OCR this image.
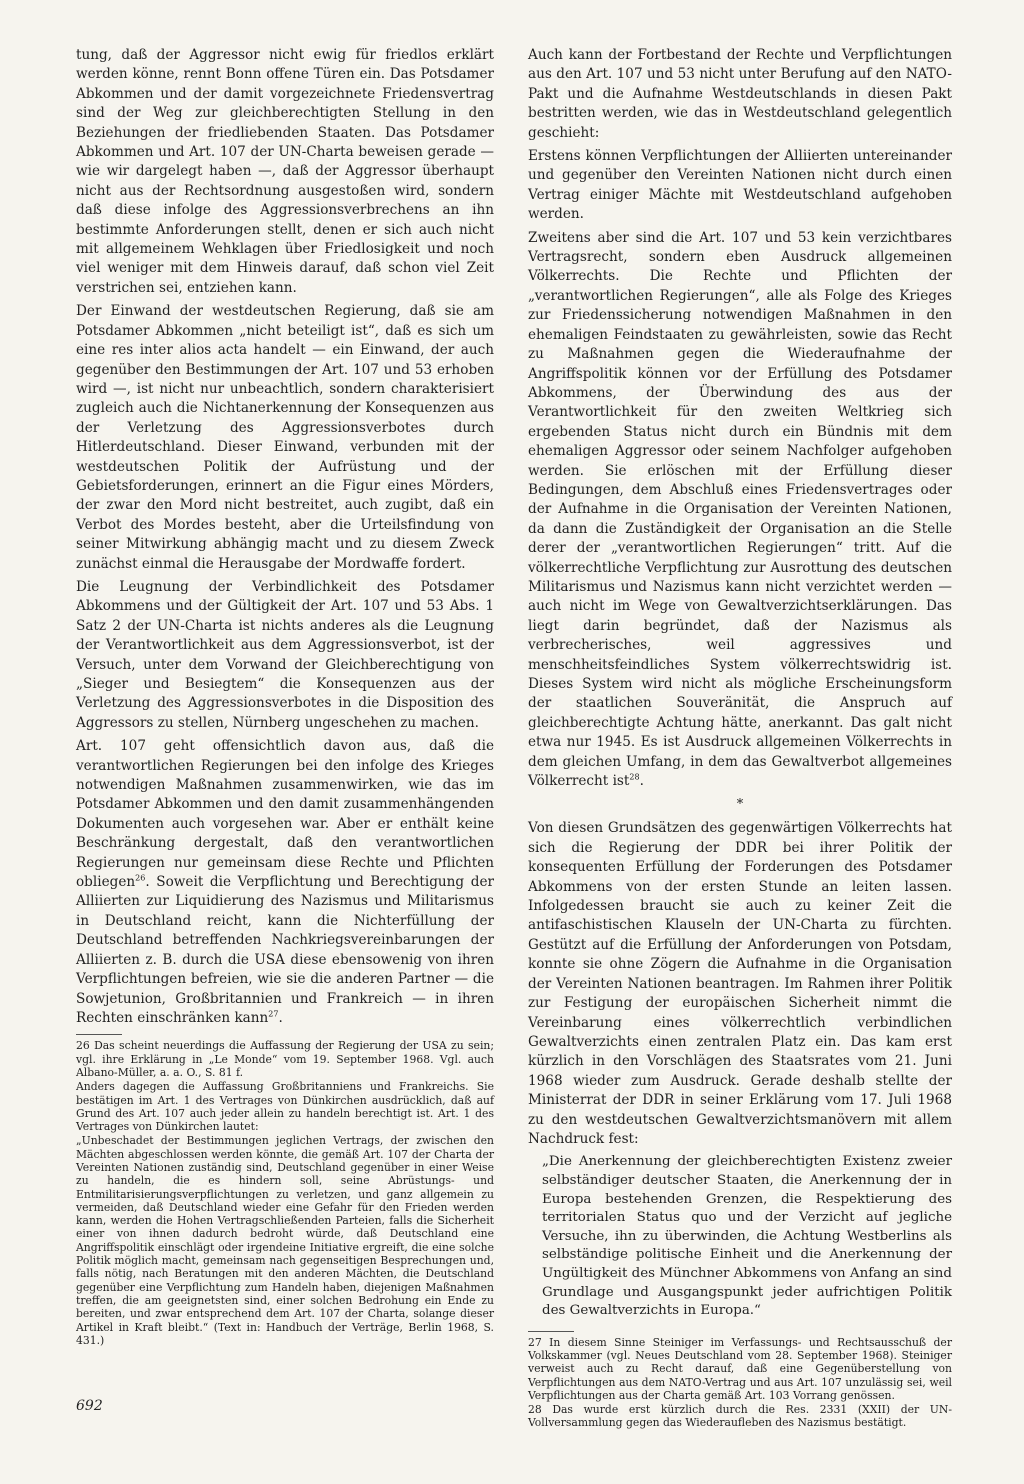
tung, daß der Aggressor nicht ewig für friedlos erklärt werden könne, rennt Bonn offene Türen ein. Das Potsdamer Abkommen und der damit vorgezeichnete Friedensvertrag sind der Weg zur gleichberechtigten Stellung in den Beziehungen der friedliebenden Staaten. Das Potsdamer Abkommen und Art. 107 der UN-Charta beweisen gerade — wie wir dargelegt haben —, daß der Aggressor überhaupt nicht aus der Rechtsordnung ausgestoßen wird, sondern daß diese infolge des Aggressionsverbrechens an ihn bestimmte Anforderungen stellt, denen er sich auch nicht mit allgemeinem Wehklagen über Friedlosigkeit und noch viel weniger mit dem Hinweis darauf, daß schon viel Zeit verstrichen sei, entziehen kann.

Der Einwand der westdeutschen Regierung, daß sie am Potsdamer Abkommen „nicht beteiligt ist“, daß es sich um eine res inter alios acta handelt — ein Einwand, der auch gegenüber den Bestimmungen der Art. 107 und 53 erhoben wird —, ist nicht nur unbeachtlich, sondern charakterisiert zugleich auch die Nichtanerkennung der Konsequenzen aus der Verletzung des Aggressionsverbotes durch Hitlerdeutschland. Dieser Einwand, verbunden mit der westdeutschen Politik der Aufrüstung und der Gebietsforderungen, erinnert an die Figur eines Mörders, der zwar den Mord nicht bestreitet, auch zugibt, daß ein Verbot des Mordes besteht, aber die Urteilsfindung von seiner Mitwirkung abhängig macht und zu diesem Zweck zunächst einmal die Herausgabe der Mordwaffe fordert.

Die Leugnung der Verbindlichkeit des Potsdamer Abkommens und der Gültigkeit der Art. 107 und 53 Abs. 1 Satz 2 der UN-Charta ist nichts anderes als die Leugnung der Verantwortlichkeit aus dem Aggressionsverbot, ist der Versuch, unter dem Vorwand der Gleichberechtigung von „Sieger und Besiegtem“ die Konsequenzen aus der Verletzung des Aggressionsverbotes in die Disposition des Aggressors zu stellen, Nürnberg ungeschehen zu machen.

Art. 107 geht offensichtlich davon aus, daß die verantwortlichen Regierungen bei den infolge des Krieges notwendigen Maßnahmen zusammenwirken, wie das im Potsdamer Abkommen und den damit zusammenhängenden Dokumenten auch vorgesehen war. Aber er enthält keine Beschränkung dergestalt, daß den verantwortlichen Regierungen nur gemeinsam diese Rechte und Pflichten obliegen$^{26}$. Soweit die Verpflichtung und Berechtigung der Alliierten zur Liquidierung des Nazismus und Militarismus in Deutschland reicht, kann die Nichterfüllung der Deutschland betreffenden Nachkriegsvereinbarungen der Alliierten z. B. durch die USA diese ebensowenig von ihren Verpflichtungen befreien, wie sie die anderen Partner — die Sowjetunion, Großbritannien und Frankreich — in ihren Rechten einschränken kann$^{27}$.

26 Das scheint neuerdings die Auffassung der Regierung der USA zu sein; vgl. ihre Erklärung in „Le Monde“ vom 19. September 1968. Vgl. auch Albano-Müller, a. a. O., S. 81 f.

Anders dagegen die Auffassung Großbritanniens und Frankreichs. Sie bestätigen im Art. 1 des Vertrages von Dünkirchen ausdrücklich, daß auf Grund des Art. 107 auch jeder allein zu handeln berechtigt ist. Art. 1 des Vertrages von Dünkirchen lautet:

„Unbeschadet der Bestimmungen jeglichen Vertrags, der zwischen den Mächten abgeschlossen werden könnte, die gemäß Art. 107 der Charta der Vereinten Nationen zuständig sind, Deutschland gegenüber in einer Weise zu handeln, die es hindern soll, seine Abrüstungs- und Entmilitarisierungsverpflichtungen zu verletzen, und ganz allgemein zu vermeiden, daß Deutschland wieder eine Gefahr für den Frieden werden kann, werden die Hohen Vertragschließenden Parteien, falls die Sicherheit einer von ihnen dadurch bedroht würde, daß Deutschland eine Angriffspolitik einschlägt oder irgendeine Initiative ergreift, die eine solche Politik möglich macht, gemeinsam nach gegenseitigen Besprechungen und, falls nötig, nach Beratungen mit den anderen Mächten, die Deutschland gegenüber eine Verpflichtung zum Handeln haben, diejenigen Maßnahmen treffen, die am geeignetsten sind, einer solchen Bedrohung ein Ende zu bereiten, und zwar entsprechend dem Art. 107 der Charta, solange dieser Artikel in Kraft bleibt.“ (Text in: Handbuch der Verträge, Berlin 1968, S. 431.)

Auch kann der Fortbestand der Rechte und Verpflichtungen aus den Art. 107 und 53 nicht unter Berufung auf den NATO-Pakt und die Aufnahme Westdeutschlands in diesen Pakt bestritten werden, wie das in Westdeutschland gelegentlich geschieht:

Erstens können Verpflichtungen der Alliierten untereinander und gegenüber den Vereinten Nationen nicht durch einen Vertrag einiger Mächte mit Westdeutschland aufgehoben werden.

Zweitens aber sind die Art. 107 und 53 kein verzichtbares Vertragsrecht, sondern eben Ausdruck allgemeinen Völkerrechts. Die Rechte und Pflichten der „verantwortlichen Regierungen“, alle als Folge des Krieges zur Friedenssicherung notwendigen Maßnahmen in den ehemaligen Feindstaaten zu gewährleisten, sowie das Recht zu Maßnahmen gegen die Wiederaufnahme der Angriffspolitik können vor der Erfüllung des Potsdamer Abkommens, der Überwindung des aus der Verantwortlichkeit für den zweiten Weltkrieg sich ergebenden Status nicht durch ein Bündnis mit dem ehemaligen Aggressor oder seinem Nachfolger aufgehoben werden. Sie erlöschen mit der Erfüllung dieser Bedingungen, dem Abschluß eines Friedensvertrages oder der Aufnahme in die Organisation der Vereinten Nationen, da dann die Zuständigkeit der Organisation an die Stelle derer der „verantwortlichen Regierungen“ tritt. Auf die völkerrechtliche Verpflichtung zur Ausrottung des deutschen Militarismus und Nazismus kann nicht verzichtet werden — auch nicht im Wege von Gewaltverzichtserklärungen. Das liegt darin begründet, daß der Nazismus als verbrecherisches, weil aggressives und menschheitsfeindliches System völkerrechtswidrig ist. Dieses System wird nicht als mögliche Erscheinungsform der staatlichen Souveränität, die Anspruch auf gleichberechtigte Achtung hätte, anerkannt. Das galt nicht etwa nur 1945. Es ist Ausdruck allgemeinen Völkerrechts in dem gleichen Umfang, in dem das Gewaltverbot allgemeines Völkerrecht ist$^{28}$.

*

Von diesen Grundsätzen des gegenwärtigen Völkerrechts hat sich die Regierung der DDR bei ihrer Politik der konsequenten Erfüllung der Forderungen des Potsdamer Abkommens von der ersten Stunde an leiten lassen. Infolgedessen braucht sie auch zu keiner Zeit die antifaschistischen Klauseln der UN-Charta zu fürchten. Gestützt auf die Erfüllung der Anforderungen von Potsdam, konnte sie ohne Zögern die Aufnahme in die Organisation der Vereinten Nationen beantragen. Im Rahmen ihrer Politik zur Festigung der europäischen Sicherheit nimmt die Vereinbarung eines völkerrechtlich verbindlichen Gewaltverzichts einen zentralen Platz ein. Das kam erst kürzlich in den Vorschlägen des Staatsrates vom 21. Juni 1968 wieder zum Ausdruck. Gerade deshalb stellte der Ministerrat der DDR in seiner Erklärung vom 17. Juli 1968 zu den westdeutschen Gewaltverzichtsmanövern mit allem Nachdruck fest:

„Die Anerkennung der gleichberechtigten Existenz zweier selbständiger deutscher Staaten, die Anerkennung der in Europa bestehenden Grenzen, die Respektierung des territorialen Status quo und der Verzicht auf jegliche Versuche, ihn zu überwinden, die Achtung Westberlins als selbständige politische Einheit und die Anerkennung der Ungültigkeit des Münchner Abkommens von Anfang an sind Grundlage und Ausgangspunkt jeder aufrichtigen Politik des Gewaltverzichts in Europa.“

27 In diesem Sinne Steiniger im Verfassungs- und Rechtsausschuß der Volkskammer (vgl. Neues Deutschland vom 28. September 1968). Steiniger verweist auch zu Recht darauf, daß eine Gegenüberstellung von Verpflichtungen aus dem NATO-Vertrag und aus Art. 107 unzulässig sei, weil Verpflichtungen aus der Charta gemäß Art. 103 Vorrang genössen.

28 Das wurde erst kürzlich durch die Res. 2331 (XXII) der UN-Vollversammlung gegen das Wiederaufleben des Nazismus bestätigt.

692
